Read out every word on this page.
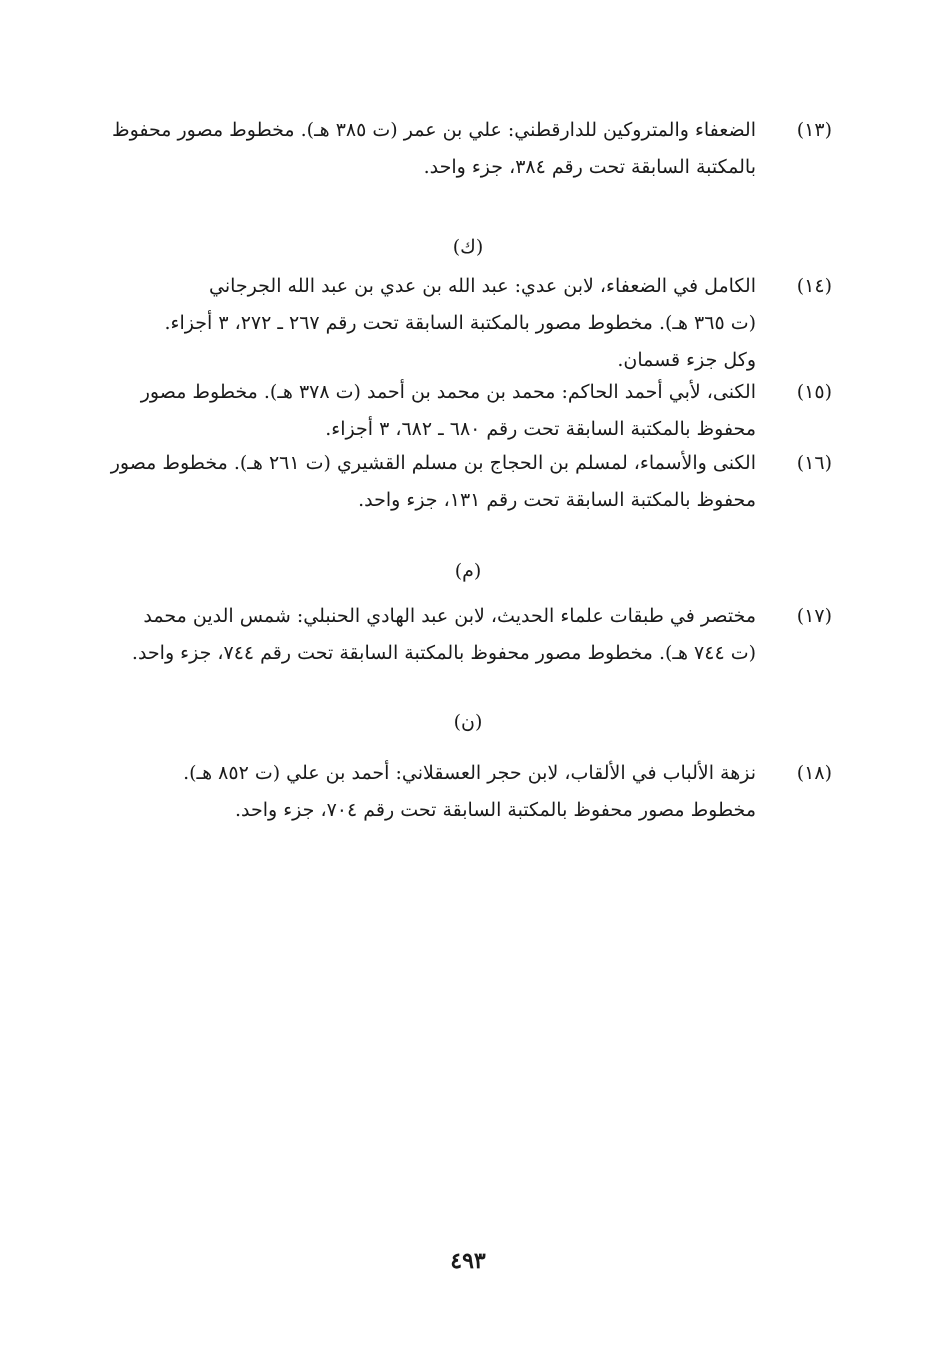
(١٣)
الضعفاء والمتروكين للدارقطني: علي بن عمر (ت ٣٨٥ هـ). مخطوط مصور محفوظ
بالمكتبة السابقة تحت رقم ٣٨٤، جزء واحد.
(ك)
(١٤)
الكامل في الضعفاء، لابن عدي: عبد الله بن عدي بن عبد الله الجرجاني
(ت ٣٦٥ هـ). مخطوط مصور بالمكتبة السابقة تحت رقم ٢٦٧ ـ ٢٧٢، ٣ أجزاء.
وكل جزء قسمان.
(١٥)
الكنى، لأبي أحمد الحاكم: محمد بن محمد بن أحمد (ت ٣٧٨ هـ). مخطوط مصور
محفوظ بالمكتبة السابقة تحت رقم ٦٨٠ ـ ٦٨٢، ٣ أجزاء.
(١٦)
الكنى والأسماء، لمسلم بن الحجاج بن مسلم القشيري (ت ٢٦١ هـ). مخطوط مصور
محفوظ بالمكتبة السابقة تحت رقم ١٣١، جزء واحد.
(م)
(١٧)
مختصر في طبقات علماء الحديث، لابن عبد الهادي الحنبلي: شمس الدين محمد
(ت ٧٤٤ هـ). مخطوط مصور محفوظ بالمكتبة السابقة تحت رقم ٧٤٤، جزء واحد.
(ن)
(١٨)
نزهة الألباب في الألقاب، لابن حجر العسقلاني: أحمد بن علي (ت ٨٥٢ هـ).
مخطوط مصور محفوظ بالمكتبة السابقة تحت رقم ٧٠٤، جزء واحد.
٤٩٣
